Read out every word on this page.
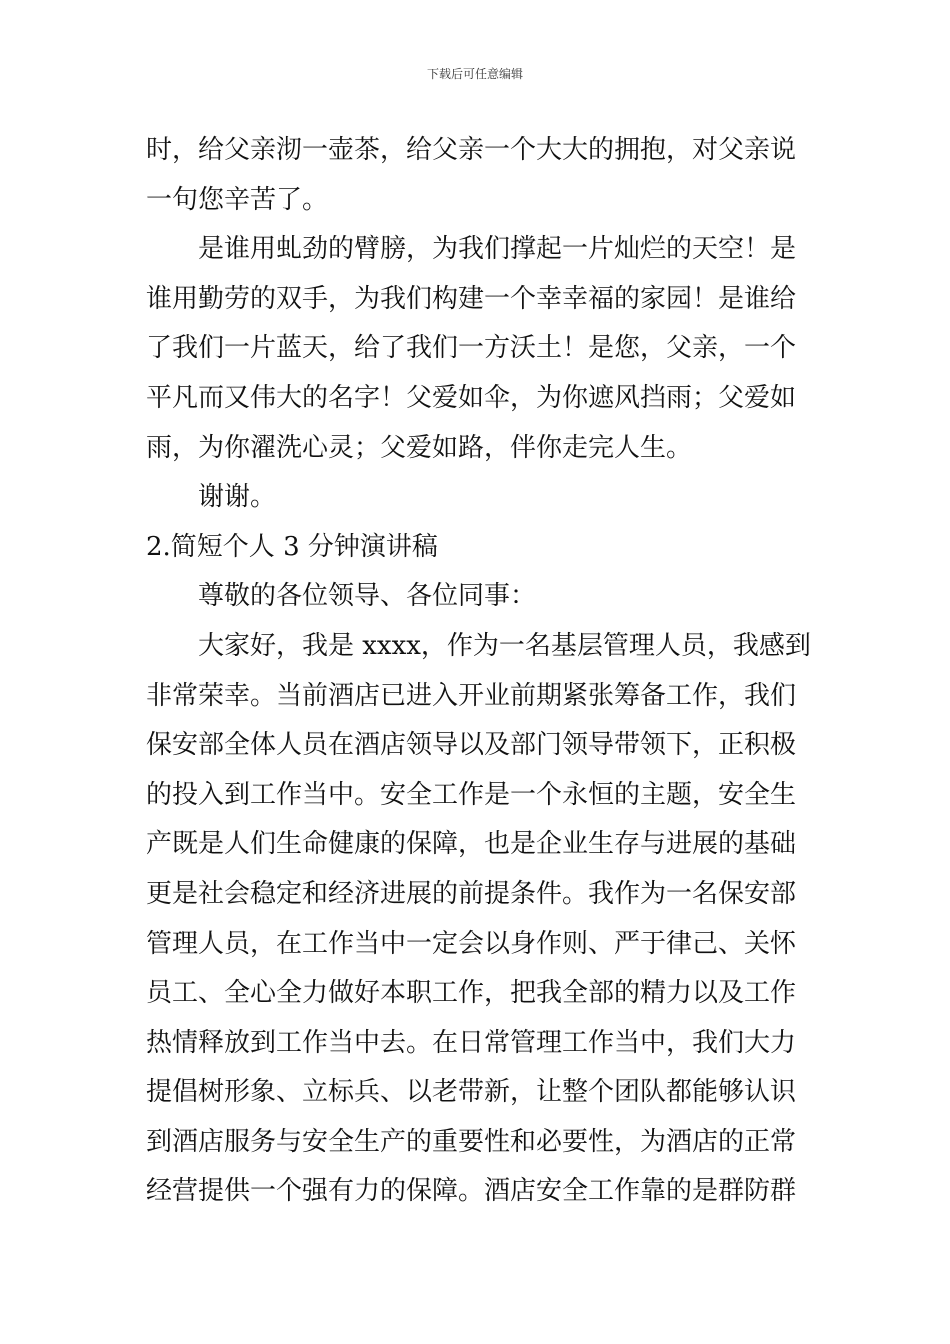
下载后可任意编辑
时，给父亲沏一壶茶，给父亲一个大大的拥抱，对父亲说
一句您辛苦了。
是谁用虬劲的臂膀，为我们撑起一片灿烂的天空！是
谁用勤劳的双手，为我们构建一个幸幸福的家园！是谁给
了我们一片蓝天，给了我们一方沃土！是您，父亲，一个
平凡而又伟大的名字！父爱如伞，为你遮风挡雨；父爱如
雨，为你濯洗心灵；父爱如路，伴你走完人生。
谢谢。
2.简短个人 3 分钟演讲稿
尊敬的各位领导、各位同事：
大家好，我是 xxxx，作为一名基层管理人员，我感到
非常荣幸。当前酒店已进入开业前期紧张筹备工作，我们
保安部全体人员在酒店领导以及部门领导带领下，正积极
的投入到工作当中。安全工作是一个永恒的主题，安全生
产既是人们生命健康的保障，也是企业生存与进展的基础
更是社会稳定和经济进展的前提条件。我作为一名保安部
管理人员，在工作当中一定会以身作则、严于律己、关怀
员工、全心全力做好本职工作，把我全部的精力以及工作
热情释放到工作当中去。在日常管理工作当中，我们大力
提倡树形象、立标兵、以老带新，让整个团队都能够认识
到酒店服务与安全生产的重要性和必要性，为酒店的正常
经营提供一个强有力的保障。酒店安全工作靠的是群防群
